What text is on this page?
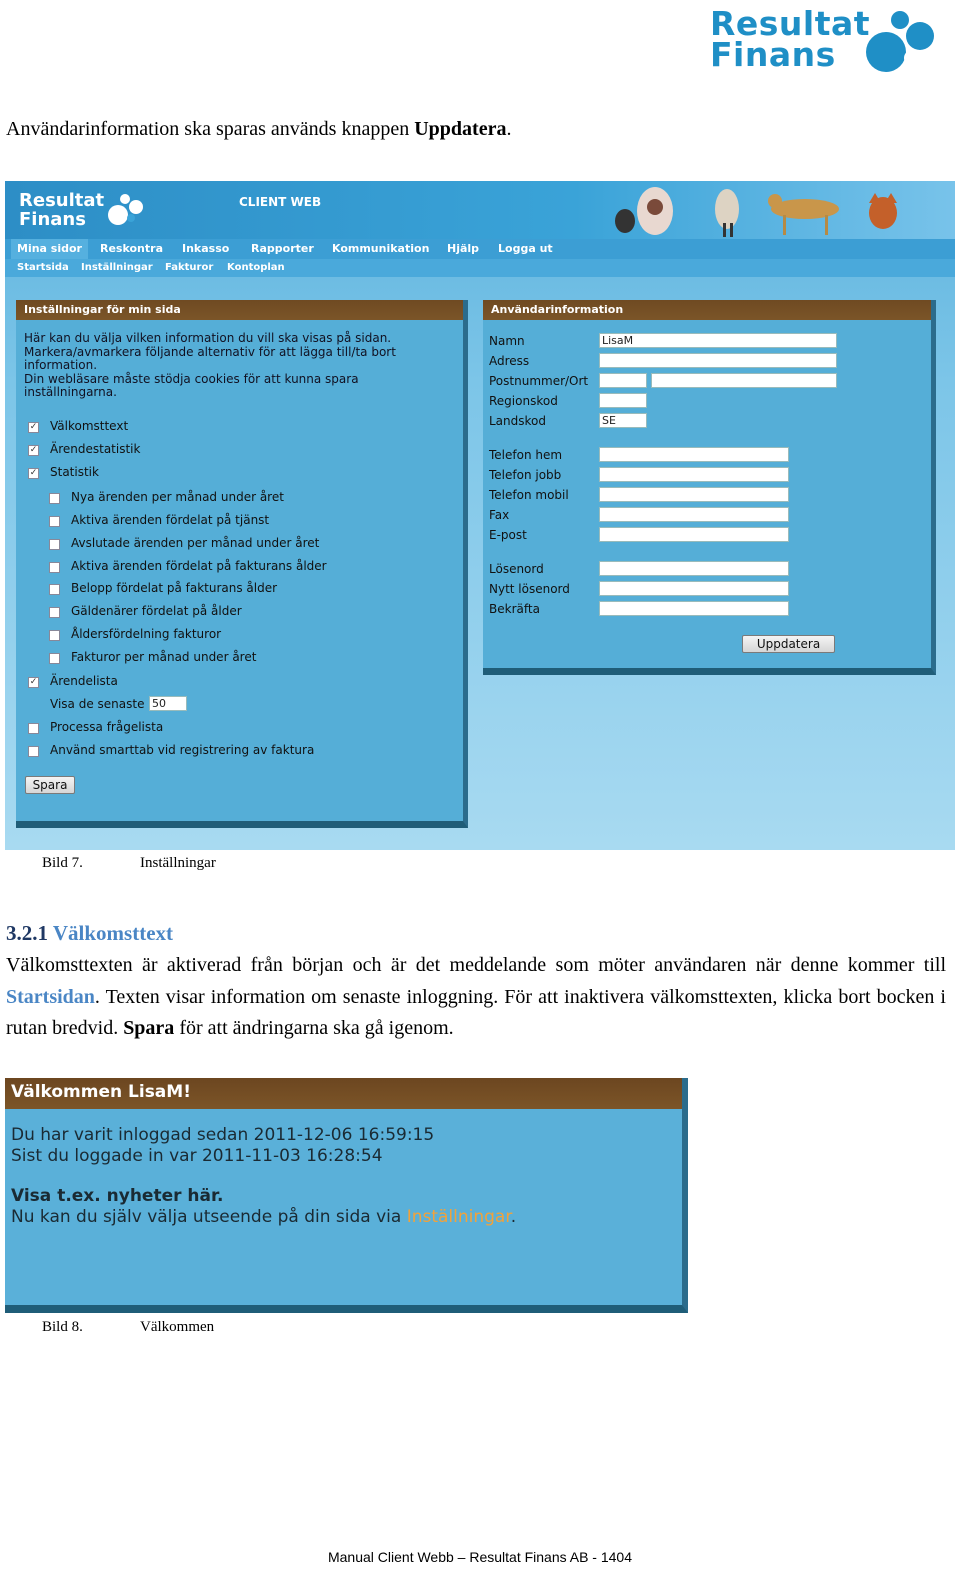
Resultat
Finans
Användarinformation ska sparas används knappen Uppdatera.
Resultat
Finans
CLIENT WEB
Mina sidor	Reskontra Inkasso Rapporter Kommunikation Hjälp Logga ut
Startsida Inställningar Fakturor Kontoplan
Inställningar för min sida
Här kan du välja vilken information du vill ska visas på sidan.
Markera/avmarkera följande alternativ för att lägga till/ta bort
information.
Din webläsare måste stödja cookies för att kunna spara
inställningarna.
✓ Välkomsttext
✓ Ärendestatistik
✓ Statistik
Nya ärenden per månad under året
Aktiva ärenden fördelat på tjänst
Avslutade ärenden per månad under året
Aktiva ärenden fördelat på fakturans ålder
Belopp fördelat på fakturans ålder
Gäldenärer fördelat på ålder
Åldersfördelning fakturor
Fakturor per månad under året
✓ Ärendelista
Visa de senaste 50
Processa frågelista
Använd smarttab vid registrering av faktura
Spara
Användarinformation
Namn	LisaM
Adress
Postnummer/Ort
Regionskod
Landskod	SE
Telefon hem
Telefon jobb
Telefon mobil
Fax
E-post
Lösenord
Nytt lösenord
Bekräfta
Uppdatera
Bild 7.	Inställningar
3.2.1 Välkomsttext
Välkomsttexten är aktiverad från början och är det meddelande som möter användaren när denne kommer till Startsidan. Texten visar information om senaste inloggning. För att inaktivera välkomsttexten, klicka bort bocken i rutan bredvid. Spara för att ändringarna ska gå igenom.
Välkommen LisaM!
Du har varit inloggad sedan 2011-12-06 16:59:15
Sist du loggade in var 2011-11-03 16:28:54
Visa t.ex. nyheter här.
Nu kan du själv välja utseende på din sida via Inställningar.
Bild 8.	Välkommen
Manual Client Webb – Resultat Finans AB - 1404
